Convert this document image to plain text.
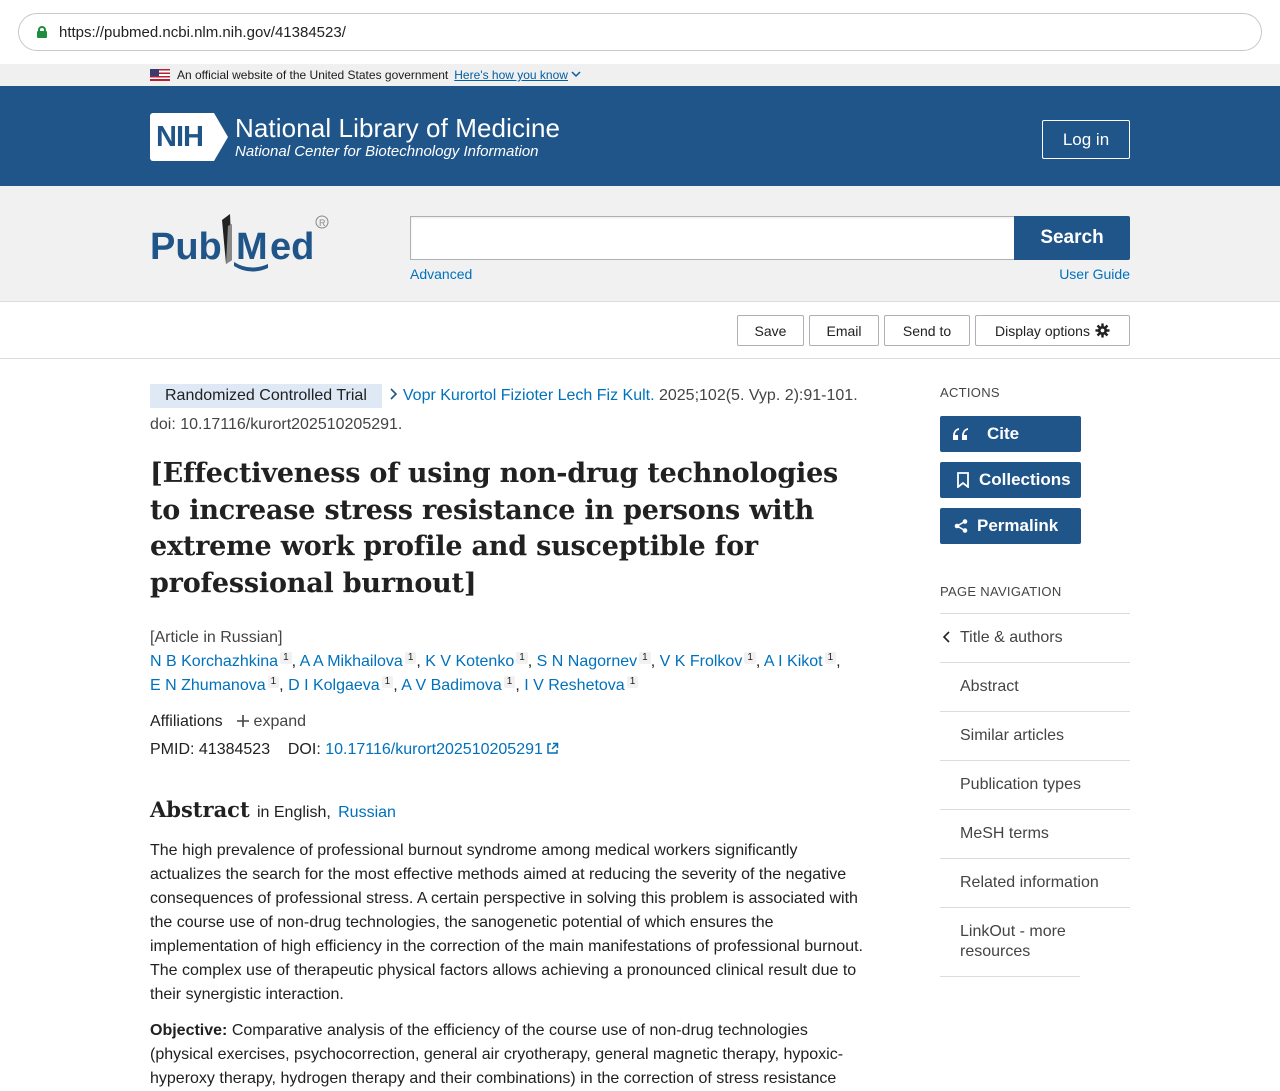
https://pubmed.ncbi.nlm.nih.gov/41384523/
An official website of the United States government Here's how you know
NIH	National Library of Medicine
National Center for Biotechnology Information
Log in
Pub M ed
R
Search
Advanced	User Guide
Save	Email	Send to	Display options
Randomized Controlled Trial Vopr Kurortol Fizioter Lech Fiz Kult. 2025;102(5. Vyp. 2):91-101.
doi: 10.17116/kurort202510205291.
[Effectiveness of using non-drug technologies to increase stress resistance in persons with extreme work profile and susceptible for professional burnout]
[Article in Russian]
N B Korchazhkina 1 , A A Mikhailova 1 , K V Kotenko 1 , S N Nagornev 1 , V K Frolkov 1 , A I Kikot 1 ,
E N Zhumanova 1 , D I Kolgaeva 1 , A V Badimova 1 , I V Reshetova 1
Affiliations expand
PMID: 41384523 DOI: 10.17116/kurort202510205291
Abstract in English, Russian

The high prevalence of professional burnout syndrome among medical workers significantly actualizes the search for the most effective methods aimed at reducing the severity of the negative consequences of professional stress. A certain perspective in solving this problem is associated with the course use of non-drug technologies, the sanogenetic potential of which ensures the implementation of high efficiency in the correction of the main manifestations of professional burnout. The complex use of therapeutic physical factors allows achieving a pronounced clinical result due to their synergistic interaction.

Objective: Comparative analysis of the efficiency of the course use of non-drug technologies (physical exercises, psychocorrection, general air cryotherapy, general magnetic therapy, hypoxic-hyperoxy therapy, hydrogen therapy and their combinations) in the correction of stress resistance

ACTIONS
Cite
Collections
Permalink
PAGE NAVIGATION
Title & authors
Abstract
Similar articles
Publication types
MeSH terms
Related information
LinkOut - more resources
